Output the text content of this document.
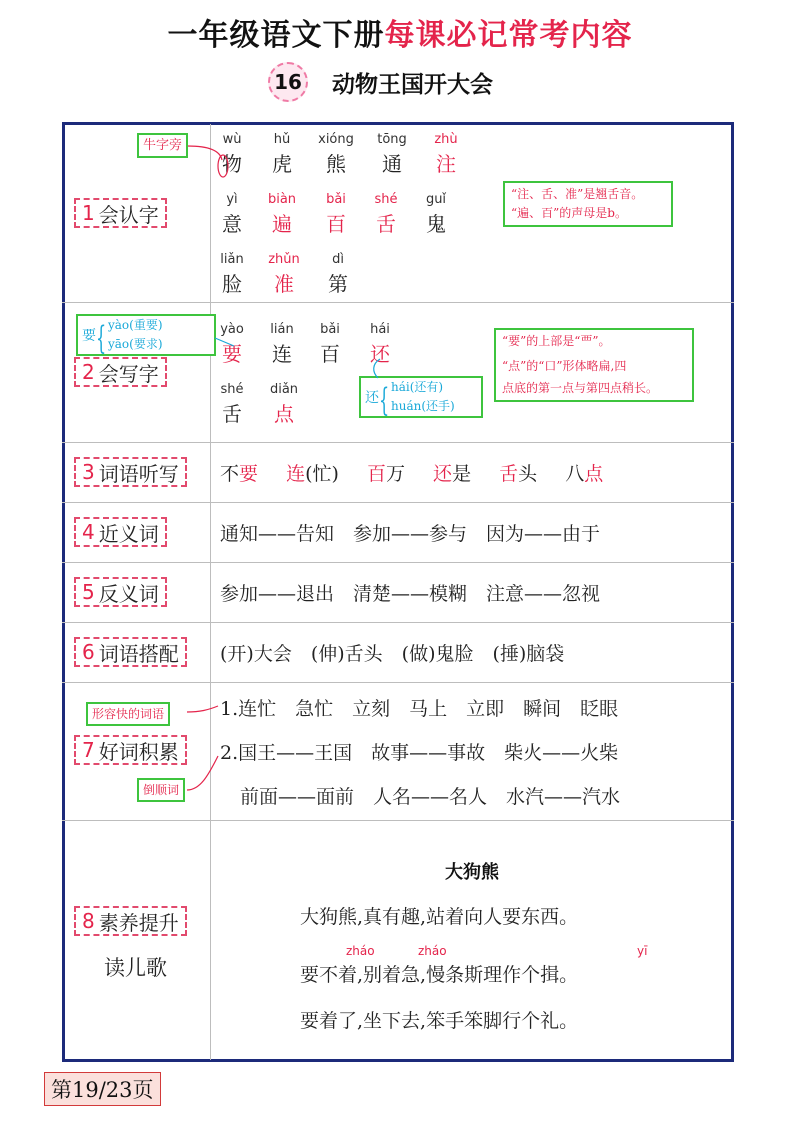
一年级语文下册每课必记常考内容
16 动物王国开大会
1 会认字
2 会写字
3 词语听写
4 近义词
5 反义词
6 词语搭配
7 好词积累
8 素养提升
读儿歌
wù
物
hǔ
虎
xióng
熊
tōng
通
zhù
注
yì
意
biàn
遍
bǎi
百
shé
舌
guǐ
鬼
liǎn
脸
zhǔn
准
dì
第
牛字旁
“注、舌、准”是翘舌音。
“遍、百”的声母是b。
yào
要
lián
连
bǎi
百
hái
还
shé
舌
diǎn
点
要 { yào(重要)
yāo(要求)
还 { hái(还有)
huán(还手)
“要”的上部是“覀”。
“点”的“口”形体略扁,四
点底的第一点与第四点稍长。
不要 连(忙) 百万 还是 舌头 八点
通知——告知　参加——参与　因为——由于
参加——退出　清楚——模糊　注意——忽视
(开)大会　(伸)舌头　(做)鬼脸　(捶)脑袋
形容快的词语
倒顺词
1.连忙　急忙　立刻　马上　立即　瞬间　眨眼
2.国王——王国　故事——事故　柴火——火柴
前面——面前　人名——名人　水汽——汽水
大狗熊
大狗熊,真有趣,站着向人要东西。
zháo	zháo	yī
要不着,别着急,慢条斯理作个揖。
要着了,坐下去,笨手笨脚行个礼。
第19/23页
